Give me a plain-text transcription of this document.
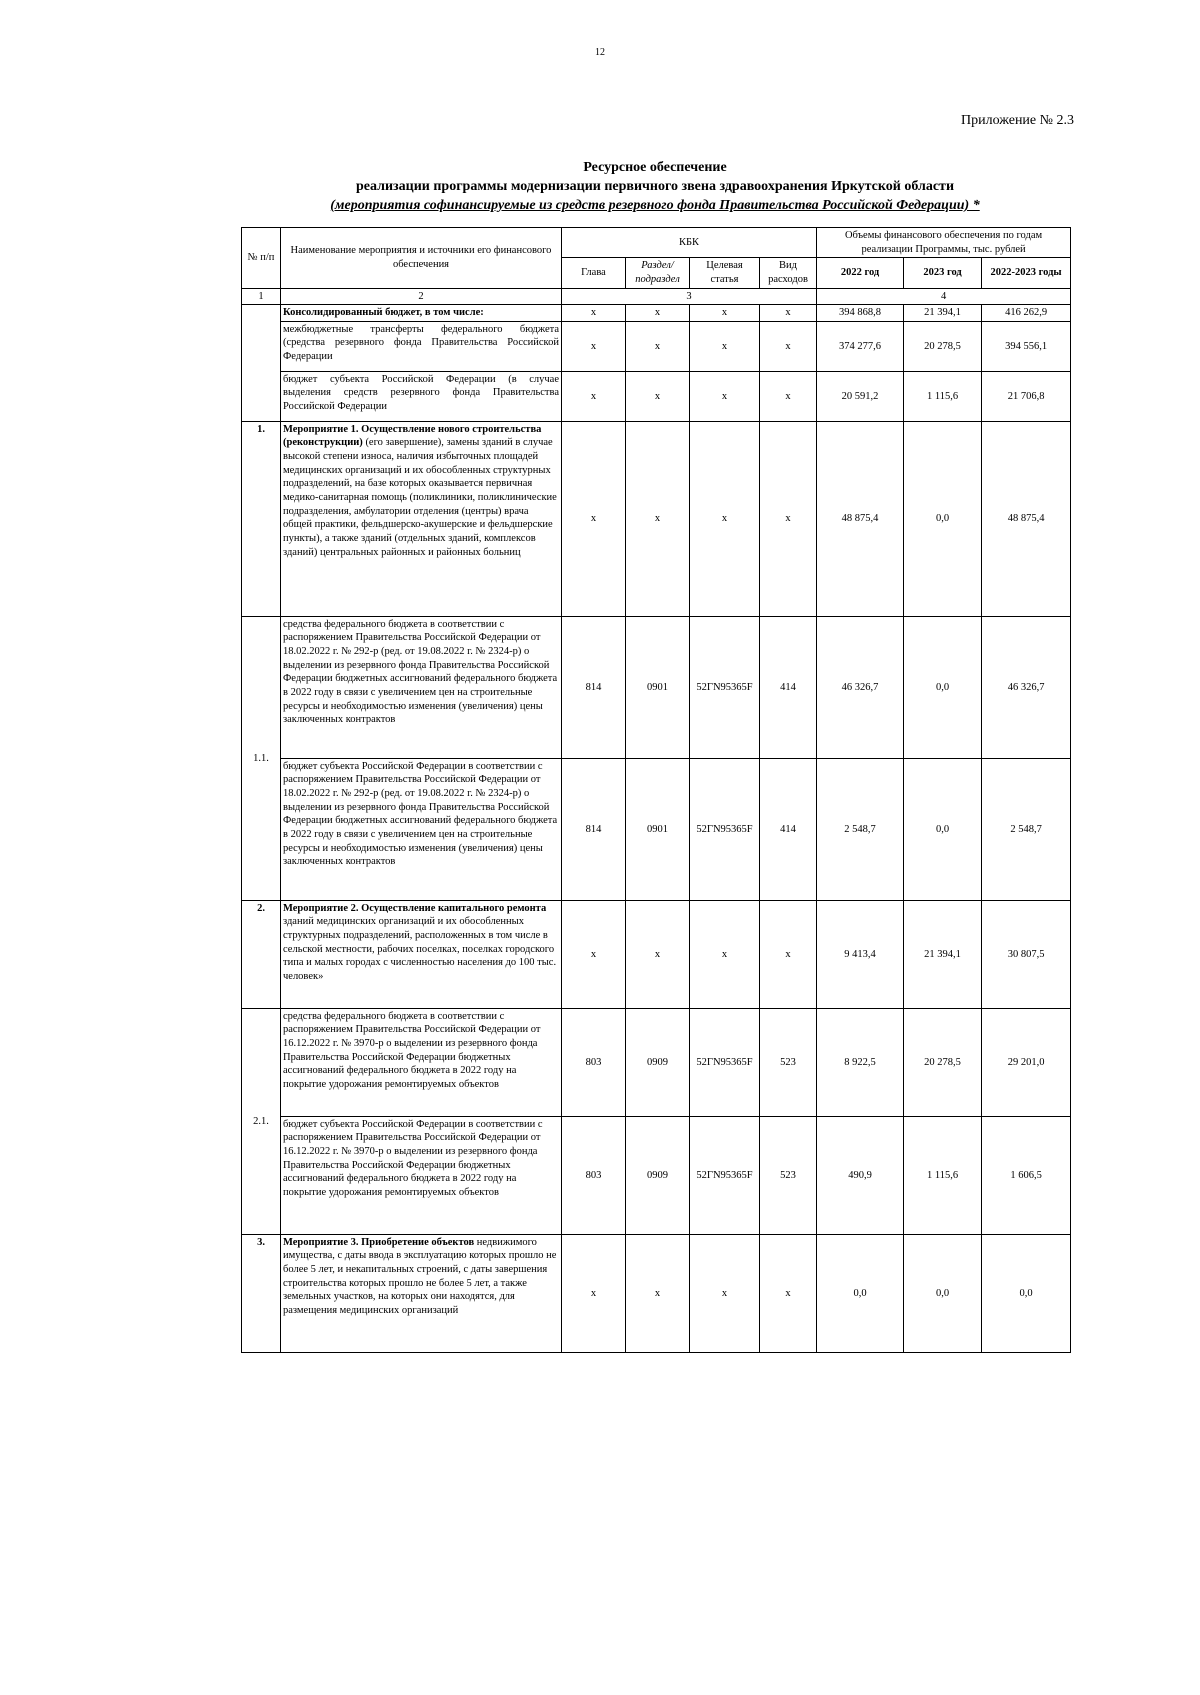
12
Приложение № 2.3
Ресурсное обеспечение
реализации программы модернизации первичного звена здравоохранения Иркутской области
(мероприятия софинансируемые из средств резервного фонда Правительства Российской Федерации) *
№ п/п	Наименование мероприятия и источники его финансового обеспечения	КБК				Объемы финансового обеспечения по годам реализации Программы, тыс. рублей		
		Глава	Раздел/ подраздел	Целевая статья	Вид расходов	2022 год	2023 год	2022-2023 годы
1	2	3				4		
	Консолидированный бюджет, в том числе:	х	х	х	х	394 868,8	21 394,1	416 262,9
	межбюджетные трансферты федерального бюджета (средства резервного фонда Правительства Российской Федерации	х	х	х	х	374 277,6	20 278,5	394 556,1
	бюджет субъекта Российской Федерации (в случае выделения средств резервного фонда Правительства Российской Федерации	х	х	х	х	20 591,2	1 115,6	21 706,8
1.	Мероприятие 1. Осуществление нового строительства (реконструкции) (его завершение), замены зданий в случае высокой степени износа, наличия избыточных площадей медицинских организаций и их обособленных структурных подразделений, на базе которых оказывается первичная медико-санитарная помощь (поликлиники, поликлинические подразделения, амбулатории отделения (центры) врача общей практики, фельдшерско-акушерские и фельдшерские пункты), а также зданий (отдельных зданий, комплексов зданий) центральных районных и районных больниц	х	х	х	х	48 875,4	0,0	48 875,4
1.1.	средства федерального бюджета в соответствии с распоряжением Правительства Российской Федерации от 18.02.2022 г. № 292-р (ред. от 19.08.2022 г. № 2324-р) о выделении из резервного фонда Правительства Российской Федерации бюджетных ассигнований федерального бюджета в 2022 году в связи с увеличением цен на строительные ресурсы и необходимостью изменения (увеличения) цены заключенных контрактов	814	0901	52ГN95365F	414	46 326,7	0,0	46 326,7
	бюджет субъекта Российской Федерации в соответствии с распоряжением Правительства Российской Федерации от 18.02.2022 г. № 292-р (ред. от 19.08.2022 г. № 2324-р) о выделении из резервного фонда Правительства Российской Федерации бюджетных ассигнований федерального бюджета в 2022 году в связи с увеличением цен на строительные ресурсы и необходимостью изменения (увеличения) цены заключенных контрактов	814	0901	52ГN95365F	414	2 548,7	0,0	2 548,7
2.	Мероприятие 2. Осуществление капитального ремонта зданий медицинских организаций и их обособленных структурных подразделений, расположенных в том числе в сельской местности, рабочих поселках, поселках городского типа и малых городах с численностью населения до 100 тыс. человек»	х	х	х	х	9 413,4	21 394,1	30 807,5
2.1.	средства федерального бюджета в соответствии с распоряжением Правительства Российской Федерации от 16.12.2022 г. № 3970-р о выделении из резервного фонда Правительства Российской Федерации бюджетных ассигнований федерального бюджета в 2022 году на покрытие удорожания ремонтируемых объектов	803	0909	52ГN95365F	523	8 922,5	20 278,5	29 201,0
	бюджет субъекта Российской Федерации в соответствии с распоряжением Правительства Российской Федерации от 16.12.2022 г. № 3970-р о выделении из резервного фонда Правительства Российской Федерации бюджетных ассигнований федерального бюджета в 2022 году на покрытие удорожания ремонтируемых объектов	803	0909	52ГN95365F	523	490,9	1 115,6	1 606,5
3.	Мероприятие 3. Приобретение объектов недвижимого имущества, с даты ввода в эксплуатацию которых прошло не более 5 лет, и некапитальных строений, с даты завершения строительства которых прошло не более 5 лет, а также земельных участков, на которых они находятся, для размещения медицинских организаций	х	х	х	х	0,0	0,0	0,0
